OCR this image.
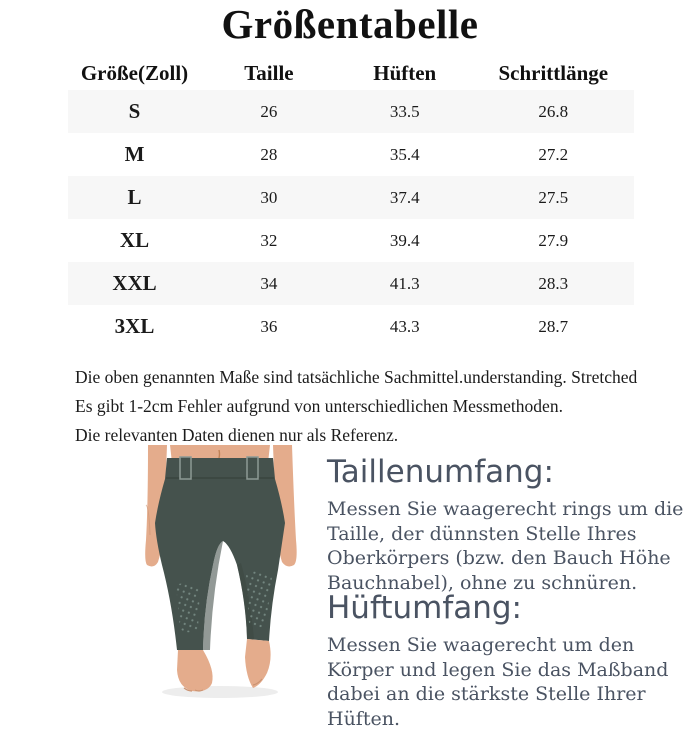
Größentabelle
Größe(Zoll)	Taille	Hüften	Schrittlänge
S	26	33.5	26.8
M	28	35.4	27.2
L	30	37.4	27.5
XL	32	39.4	27.9
XXL	34	41.3	28.3
3XL	36	43.3	28.7
Die oben genannten Maße sind tatsächliche Sachmittel.understanding. Stretched
Es gibt 1-2cm Fehler aufgrund von unterschiedlichen Messmethoden.
Die relevanten Daten dienen nur als Referenz.
Taillenumfang:
Messen Sie waagerecht rings um die
Taille, der dünnsten Stelle Ihres
Oberkörpers (bzw. den Bauch Höhe
Bauchnabel), ohne zu schnüren.
Hüftumfang:
Messen Sie waagerecht um den
Körper und legen Sie das Maßband
dabei an die stärkste Stelle Ihrer
Hüften.
